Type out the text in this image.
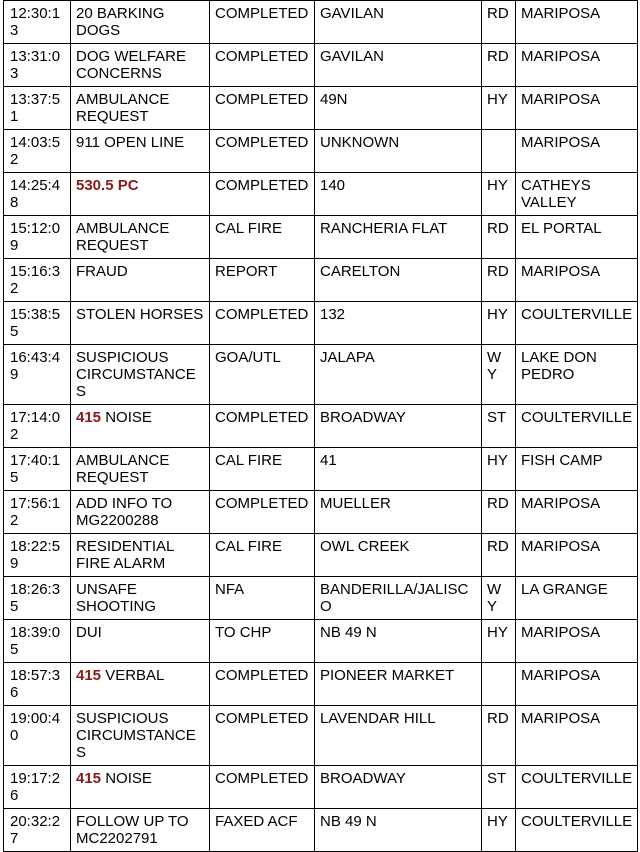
12:30:13	20 BARKING DOGS	COMPLETED	GAVILAN	RD	MARIPOSA
13:31:03	DOG WELFARE CONCERNS	COMPLETED	GAVILAN	RD	MARIPOSA
13:37:51	AMBULANCE REQUEST	COMPLETED	49N	HY	MARIPOSA
14:03:52	911 OPEN LINE	COMPLETED	UNKNOWN		MARIPOSA
14:25:48	530.5 PC	COMPLETED	140	HY	CATHEYS VALLEY
15:12:09	AMBULANCE REQUEST	CAL FIRE	RANCHERIA FLAT	RD	EL PORTAL
15:16:32	FRAUD	REPORT	CARELTON	RD	MARIPOSA
15:38:55	STOLEN HORSES	COMPLETED	132	HY	COULTERVILLE
16:43:49	SUSPICIOUS CIRCUMSTANCES	GOA/UTL	JALAPA	WY	LAKE DON PEDRO
17:14:02	415 NOISE	COMPLETED	BROADWAY	ST	COULTERVILLE
17:40:15	AMBULANCE REQUEST	CAL FIRE	41	HY	FISH CAMP
17:56:12	ADD INFO TO MG2200288	COMPLETED	MUELLER	RD	MARIPOSA
18:22:59	RESIDENTIAL FIRE ALARM	CAL FIRE	OWL CREEK	RD	MARIPOSA
18:26:35	UNSAFE SHOOTING	NFA	BANDERILLA/JALISCO	WY	LA GRANGE
18:39:05	DUI	TO CHP	NB 49 N	HY	MARIPOSA
18:57:36	415 VERBAL	COMPLETED	PIONEER MARKET		MARIPOSA
19:00:40	SUSPICIOUS CIRCUMSTANCES	COMPLETED	LAVENDAR HILL	RD	MARIPOSA
19:17:26	415 NOISE	COMPLETED	BROADWAY	ST	COULTERVILLE
20:32:27	FOLLOW UP TO MC2202791	FAXED ACF	NB 49 N	HY	COULTERVILLE
